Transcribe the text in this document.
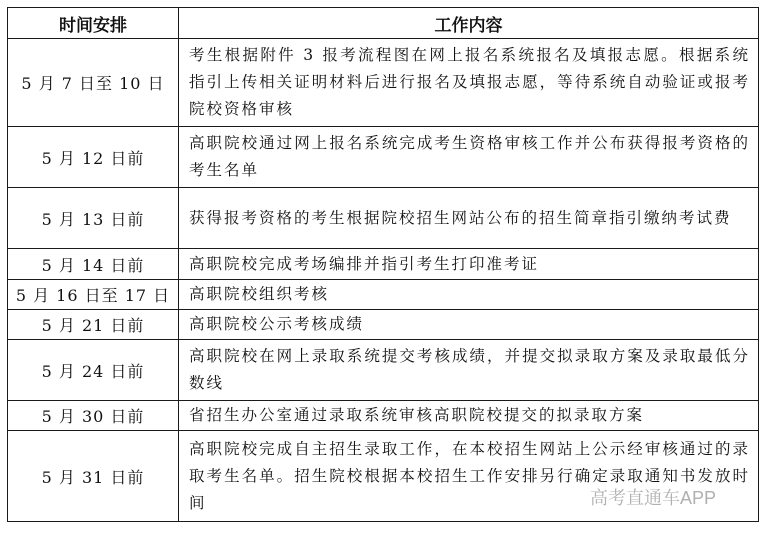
时间安排	工作内容
5 月 7 日至 10 日	考生根据附件 3 报考流程图在网上报名系统报名及填报志愿。根据系统指引上传相关证明材料后进行报名及填报志愿，等待系统自动验证或报考院校资格审核
5 月 12 日前	高职院校通过网上报名系统完成考生资格审核工作并公布获得报考资格的考生名单
5 月 13 日前	获得报考资格的考生根据院校招生网站公布的招生简章指引缴纳考试费
5 月 14 日前	高职院校完成考场编排并指引考生打印准考证
5 月 16 日至 17 日	高职院校组织考核
5 月 21 日前	高职院校公示考核成绩
5 月 24 日前	高职院校在网上录取系统提交考核成绩，并提交拟录取方案及录取最低分数线
5 月 30 日前	省招生办公室通过录取系统审核高职院校提交的拟录取方案
5 月 31 日前	高职院校完成自主招生录取工作，在本校招生网站上公示经审核通过的录取考生名单。招生院校根据本校招生工作安排另行确定录取通知书发放时间	高考直通车APP
